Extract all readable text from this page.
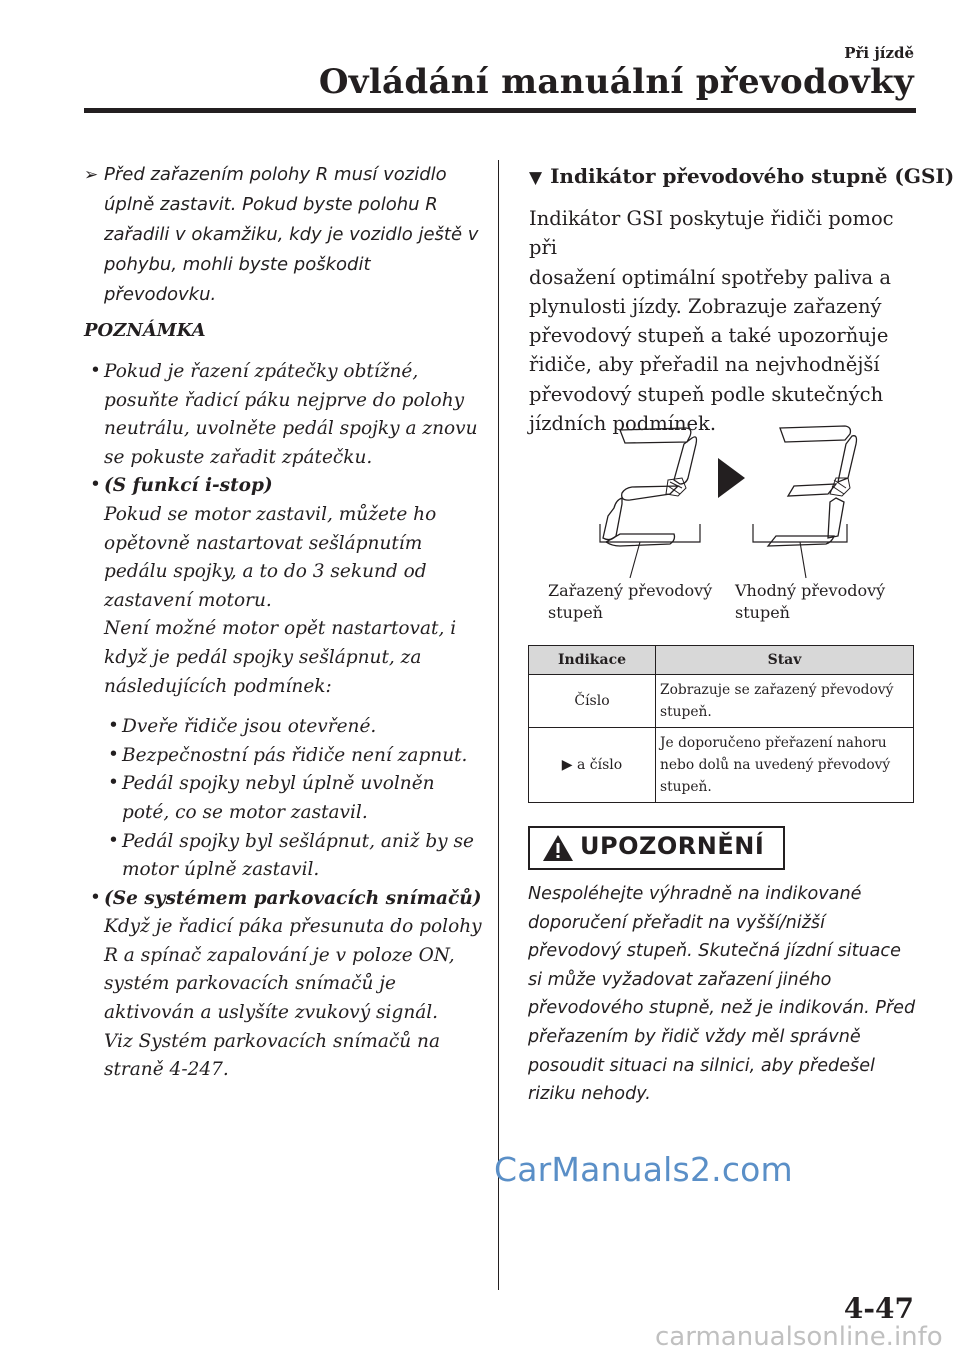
Při jízdě
Ovládání manuální převodovky
➢ Před zařazením polohy R musí vozidlo
úplně zastavit. Pokud byste polohu R
zařadili v okamžiku, kdy je vozidlo ještě v
pohybu, mohli byste poškodit
převodovku.
POZNÁMKA
• Pokud je řazení zpátečky obtížné,
posuňte řadicí páku nejprve do polohy
neutrálu, uvolněte pedál spojky a znovu
se pokuste zařadit zpátečku.
• (S funkcí i-stop)
Pokud se motor zastavil, můžete ho
opětovně nastartovat sešlápnutím
pedálu spojky, a to do 3 sekund od
zastavení motoru.
Není možné motor opět nastartovat, i
když je pedál spojky sešlápnut, za
následujících podmínek:
• Dveře řidiče jsou otevřené.
• Bezpečnostní pás řidiče není zapnut.
• Pedál spojky nebyl úplně uvolněn
poté, co se motor zastavil.
• Pedál spojky byl sešlápnut, aniž by se
motor úplně zastavil.
• (Se systémem parkovacích snímačů)
Když je řadicí páka přesunuta do polohy
R a spínač zapalování je v poloze ON,
systém parkovacích snímačů je
aktivován a uslyšíte zvukový signál.
Viz Systém parkovacích snímačů na
straně 4-247.
▼ Indikátor převodového stupně (GSI)
Indikátor GSI poskytuje řidiči pomoc při
dosažení optimální spotřeby paliva a
plynulosti jízdy. Zobrazuje zařazený
převodový stupeň a také upozorňuje
řidiče, aby přeřadil na nejvhodnější
převodový stupeň podle skutečných
jízdních podmínek.
Zařazený převodový
stupeň
Vhodný převodový
stupeň
Indikace	Stav
Číslo	Zobrazuje se zařazený převodový
stupeň.
▶ a číslo	Je doporučeno přeřazení nahoru
nebo dolů na uvedený převodový
stupeň.
UPOZORNĚNÍ
Nespoléhejte výhradně na indikované
doporučení přeřadit na vyšší/nižší
převodový stupeň. Skutečná jízdní situace
si může vyžadovat zařazení jiného
převodového stupně, než je indikován. Před
přeřazením by řidič vždy měl správně
posoudit situaci na silnici, aby předešel
riziku nehody.
CarManuals2.com
4-47
carmanualsonline.info
